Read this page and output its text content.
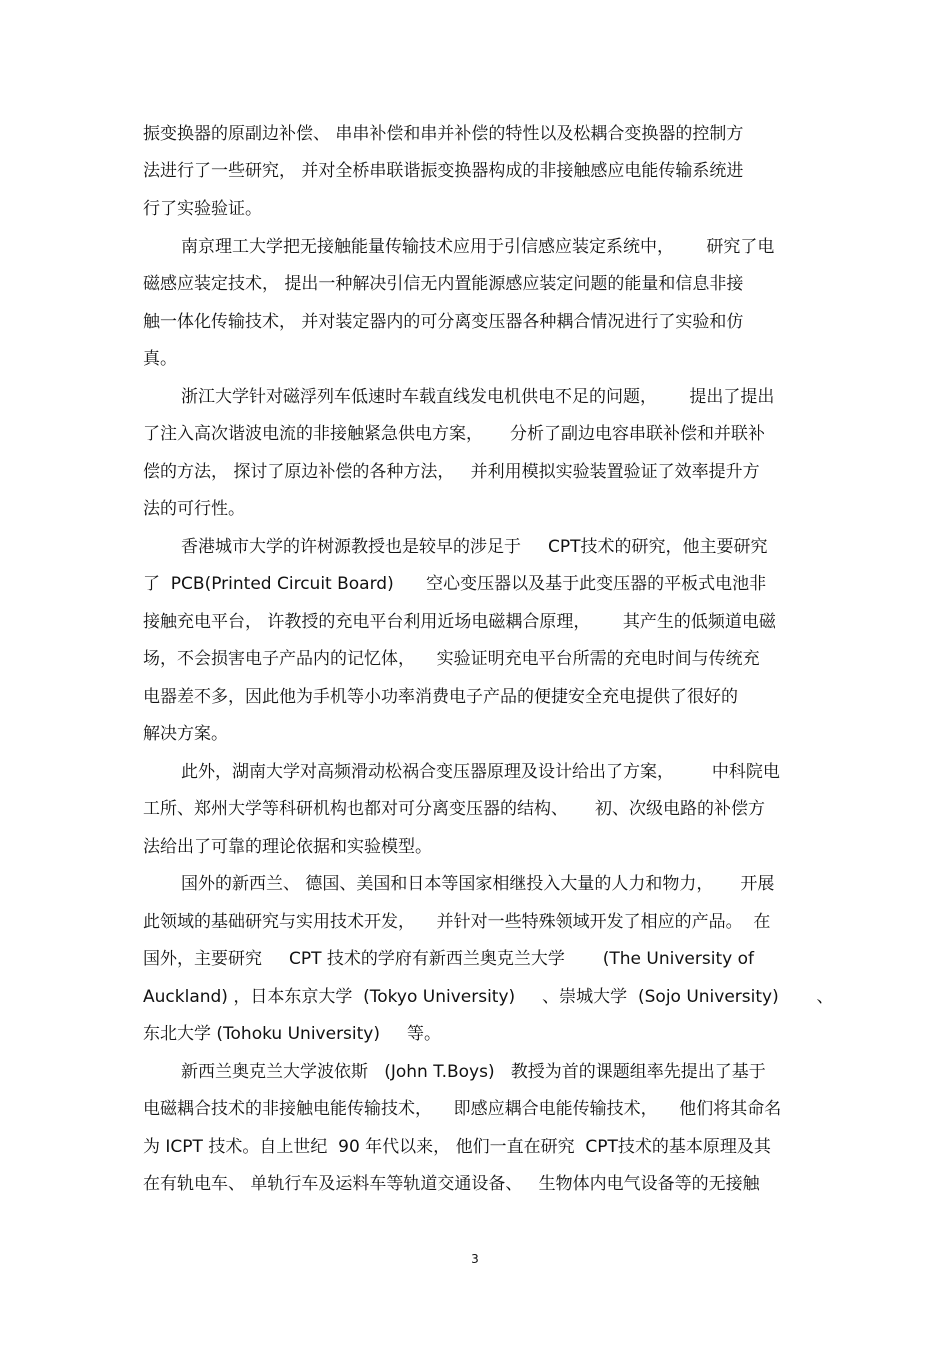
振变换器的原副边补偿、 串串补偿和串并补偿的特性以及松耦合变换器的控制方
法进行了一些研究， 并对全桥串联谐振变换器构成的非接触感应电能传输系统进
行了实验验证。
南京理工大学把无接触能量传输技术应用于引信感应装定系统中，      研究了电
磁感应装定技术， 提出一种解决引信无内置能源感应装定问题的能量和信息非接
触一体化传输技术， 并对装定器内的可分离变压器各种耦合情况进行了实验和仿
真。
浙江大学针对磁浮列车低速时车载直线发电机供电不足的问题，      提出了提出
了注入高次谐波电流的非接触紧急供电方案，     分析了副边电容串联补偿和并联补
偿的方法， 探讨了原边补偿的各种方法，   并利用模拟实验装置验证了效率提升方
法的可行性。
香港城市大学的许树源教授也是较早的涉足于     CPT技术的研究，他主要研究
了  PCB(Printed Circuit Board)      空心变压器以及基于此变压器的平板式电池非
接触充电平台， 许教授的充电平台利用近场电磁耦合原理，      其产生的低频道电磁
场，不会损害电子产品内的记忆体，    实验证明充电平台所需的充电时间与传统充
电器差不多，因此他为手机等小功率消费电子产品的便捷安全充电提供了很好的
解决方案。
此外，湖南大学对高频滑动松祸合变压器原理及设计给出了方案，       中科院电
工所、郑州大学等科研机构也都对可分离变压器的结构、     初、次级电路的补偿方
法给出了可靠的理论依据和实验模型。
国外的新西兰、 德国、美国和日本等国家相继投入大量的人力和物力，     开展
此领域的基础研究与实用技术开发，    并针对一些特殊领域开发了相应的产品。  在
国外，主要研究     CPT 技术的学府有新西兰奥克兰大学       (The University of
Auckland) ，日本东京大学  (Tokyo University)     、崇城大学  (Sojo University)       、
东北大学 (Tohoku University)     等。
新西兰奥克兰大学波依斯   (John T.Boys)   教授为首的课题组率先提出了基于
电磁耦合技术的非接触电能传输技术，    即感应耦合电能传输技术，    他们将其命名
为 ICPT 技术。自上世纪  90 年代以来， 他们一直在研究  CPT技术的基本原理及其
在有轨电车、 单轨行车及运料车等轨道交通设备、   生物体内电气设备等的无接触
3
